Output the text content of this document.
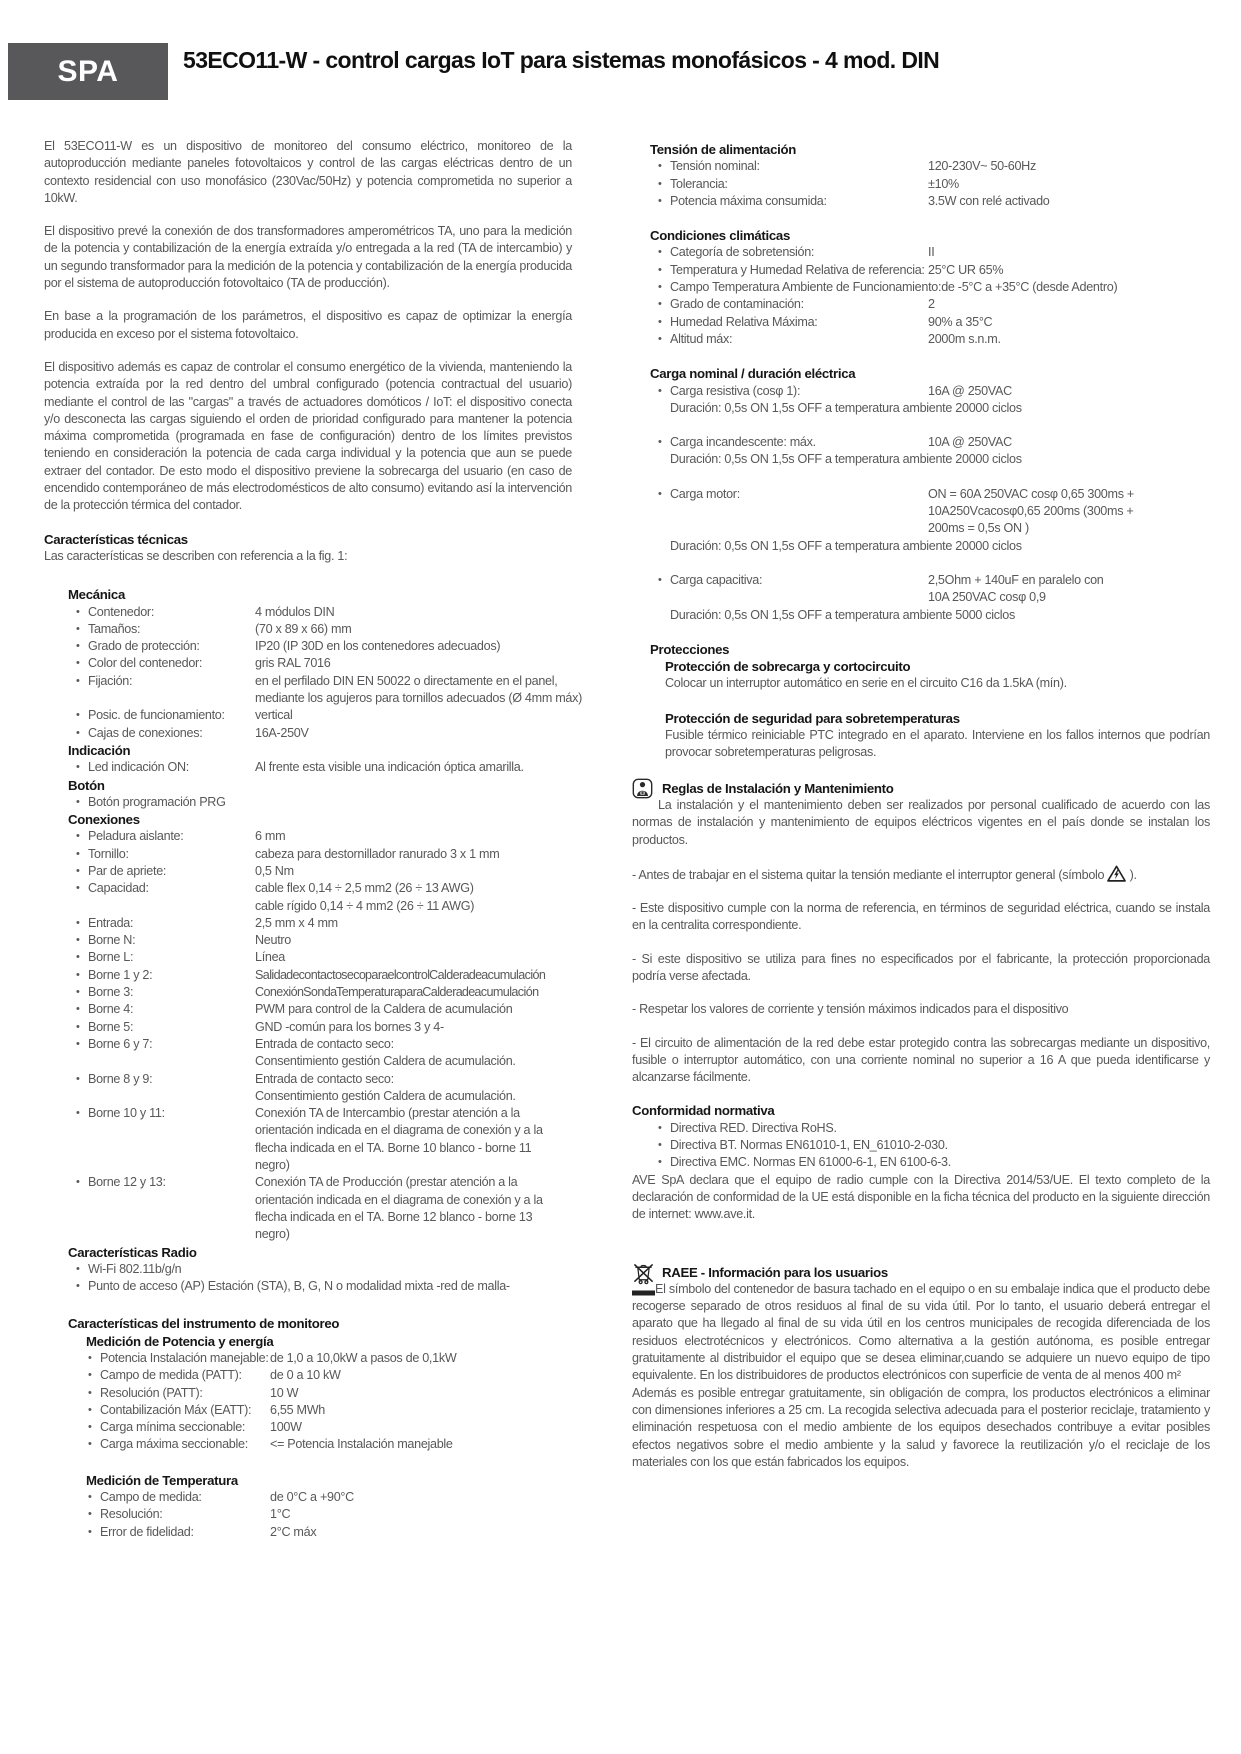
SPA	53ECO11-W - control cargas IoT para sistemas monofásicos - 4 mod. DIN

El 53ECO11-W es un dispositivo de monitoreo del consumo eléctrico, monitoreo de la autoproducción mediante paneles fotovoltaicos y control de las cargas eléctricas dentro de un contexto residencial con uso monofásico (230Vac/50Hz) y potencia comprometida no superior a 10kW.

El dispositivo prevé la conexión de dos transformadores amperométricos TA, uno para la medición de la potencia y contabilización de la energía extraída y/o entregada a la red (TA de intercambio) y un segundo transformador para la medición de la potencia y contabilización de la energía producida por el sistema de autoproducción fotovoltaico (TA de producción).

En base a la programación de los parámetros, el dispositivo es capaz de optimizar la energía producida en exceso por el sistema fotovoltaico.

El dispositivo además es capaz de controlar el consumo energético de la vivienda, manteniendo la potencia extraída por la red dentro del umbral configurado (potencia contractual del usuario) mediante el control de las "cargas" a través de actuadores domóticos / IoT: el dispositivo conecta y/o desconecta las cargas siguiendo el orden de prioridad configurado para mantener la potencia máxima comprometida (programada en fase de configuración) dentro de los límites previstos teniendo en consideración la potencia de cada carga individual y la potencia que aun se puede extraer del contador. De esto modo el dispositivo previene la sobrecarga del usuario (en caso de encendido contemporáneo de más electrodomésticos de alto consumo) evitando así la intervención de la protección térmica del contador.

Características técnicas

Las características se describen con referencia a la fig. 1:

Mecánica
• Contenedor:	4 módulos DIN
• Tamaños:	(70 x 89 x 66) mm
• Grado de protección:	IP20 (IP 30D en los contenedores adecuados)
• Color del contenedor:	gris RAL 7016
• Fijación:	en el perfilado DIN EN 50022 o directamente en el panel,
mediante los agujeros para tornillos adecuados (Ø 4mm máx)
• Posic. de funcionamiento:	vertical
• Cajas de conexiones:	16A-250V
Indicación
• Led indicación ON:	Al frente esta visible una indicación óptica amarilla.
Botón
• Botón programación PRG
Conexiones
• Peladura aislante:	6 mm
• Tornillo:	cabeza para destornillador ranurado 3 x 1 mm
• Par de apriete:	0,5 Nm
• Capacidad:	cable flex 0,14 ÷ 2,5 mm2 (26 ÷ 13 AWG)
cable rígido 0,14 ÷ 4 mm2 (26 ÷ 11 AWG)
• Entrada:	2,5 mm x 4 mm
• Borne N:	Neutro
• Borne L:	Línea
• Borne 1 y 2:	Salida de contacto seco para el control Caldera de acumulación
• Borne 3:	Conexión Sonda Temperatura para Caldera de acumulación
• Borne 4:	PWM para control de la Caldera de acumulación
• Borne 5:	GND -común para los bornes 3 y 4-
• Borne 6 y 7:	Entrada de contacto seco:
Consentimiento gestión Caldera de acumulación.
• Borne 8 y 9:	Entrada de contacto seco:
Consentimiento gestión Caldera de acumulación.
• Borne 10 y 11:	Conexión TA de Intercambio (prestar atención a la
orientación indicada en el diagrama de conexión y a la
flecha indicada en el TA. Borne 10 blanco - borne 11
negro)
• Borne 12 y 13:	Conexión TA de Producción (prestar atención a la
orientación indicada en el diagrama de conexión y a la
flecha indicada en el TA. Borne 12 blanco - borne 13
negro)
Características Radio
• Wi-Fi 802.11b/g/n
• Punto de acceso (AP) Estación (STA), B, G, N o modalidad mixta -red de malla-
Características del instrumento de monitoreo
Medición de Potencia y energía
• Potencia Instalación manejable: de 1,0 a 10,0kW a pasos de 0,1kW
• Campo de medida (PATT):	de 0 a 10 kW
• Resolución (PATT):	10 W
• Contabilización Máx (EATT):	6,55 MWh
• Carga mínima seccionable:	100W
• Carga máxima seccionable:	<= Potencia Instalación manejable
Medición de Temperatura
• Campo de medida:	de 0°C a +90°C
• Resolución:	1°C
• Error de fidelidad:	2°C máx
Tensión de alimentación
• Tensión nominal:	120-230V~ 50-60Hz
• Tolerancia:	±10%
• Potencia máxima consumida:	3.5W con relé activado
Condiciones climáticas
• Categoría de sobretensión:	II
• Temperatura y Humedad Relativa de referencia: 25°C UR 65%
• Campo Temperatura Ambiente de Funcionamiento: de -5°C a +35°C (desde Adentro)
• Grado de contaminación:	2
• Humedad Relativa Máxima:	90% a 35°C
• Altitud máx:	2000m s.n.m.
Carga nominal / duración eléctrica
• Carga resistiva (cosφ 1):	16A @ 250VAC
Duración: 0,5s ON 1,5s OFF a temperatura ambiente 20000 ciclos
• Carga incandescente: máx.	10A @ 250VAC
Duración: 0,5s ON 1,5s OFF a temperatura ambiente 20000 ciclos
• Carga motor:	ON = 60A 250VAC cosφ 0,65 300ms +
10A250Vcacosφ0,65 200ms (300ms +
200ms = 0,5s ON )
Duración: 0,5s ON 1,5s OFF a temperatura ambiente 20000 ciclos
• Carga capacitiva:	2,5Ohm + 140uF en paralelo con
10A 250VAC cosφ 0,9
Duración: 0,5s ON 1,5s OFF a temperatura ambiente 5000 ciclos
Protecciones
Protección de sobrecarga y cortocircuito

Colocar un interruptor automático en serie en el circuito C16 da 1.5kA (mín).

Protección de seguridad para sobretemperaturas

Fusible térmico reiniciable PTC integrado en el aparato. Interviene en los fallos internos que podrían provocar sobretemperaturas peligrosas.

Reglas de Instalación y Mantenimiento

La instalación y el mantenimiento deben ser realizados por personal cualificado de acuerdo con las normas de instalación y mantenimiento de equipos eléctricos vigentes en el país donde se instalan los productos.

- Antes de trabajar en el sistema quitar la tensión mediante el interruptor general (símbolo  ).

- Este dispositivo cumple con la norma de referencia, en términos de seguridad eléctrica, cuando se instala en la centralita correspondiente.

- Si este dispositivo se utiliza para fines no especificados por el fabricante, la protección proporcionada podría verse afectada.

- Respetar los valores de corriente y tensión máximos indicados para el dispositivo

- El circuito de alimentación de la red debe estar protegido contra las sobrecargas mediante un dispositivo, fusible o interruptor automático, con una corriente nominal no superior a 16 A que pueda identificarse y alcanzarse fácilmente.

Conformidad normativa
• Directiva RED. Directiva RoHS.
• Directiva BT. Normas EN61010-1, EN_61010-2-030.
• Directiva EMC. Normas EN 61000-6-1, EN 6100-6-3.

AVE SpA declara que el equipo de radio cumple con la Directiva 2014/53/UE. El texto completo de la declaración de conformidad de la UE está disponible en la ficha técnica del producto en la siguiente dirección de internet: www.ave.it.

RAEE - Información para los usuarios

El símbolo del contenedor de basura tachado en el equipo o en su embalaje indica que el producto debe recogerse separado de otros residuos al final de su vida útil. Por lo tanto, el usuario deberá entregar el aparato que ha llegado al final de su vida útil en los centros municipales de recogida diferenciada de los residuos electrotécnicos y electrónicos. Como alternativa a la gestión autónoma, es posible entregar gratuitamente al distribuidor el equipo que se desea eliminar,cuando se adquiere un nuevo equipo de tipo equivalente. En los distribuidores de productos electrónicos con superficie de venta de al menos 400 m²

Además es posible entregar gratuitamente, sin obligación de compra, los productos electrónicos a eliminar con dimensiones inferiores a 25 cm. La recogida selectiva adecuada para el posterior reciclaje, tratamiento y eliminación respetuosa con el medio ambiente de los equipos desechados contribuye a evitar posibles efectos negativos sobre el medio ambiente y la salud y favorece la reutilización y/o el reciclaje de los materiales con los que están fabricados los equipos.
